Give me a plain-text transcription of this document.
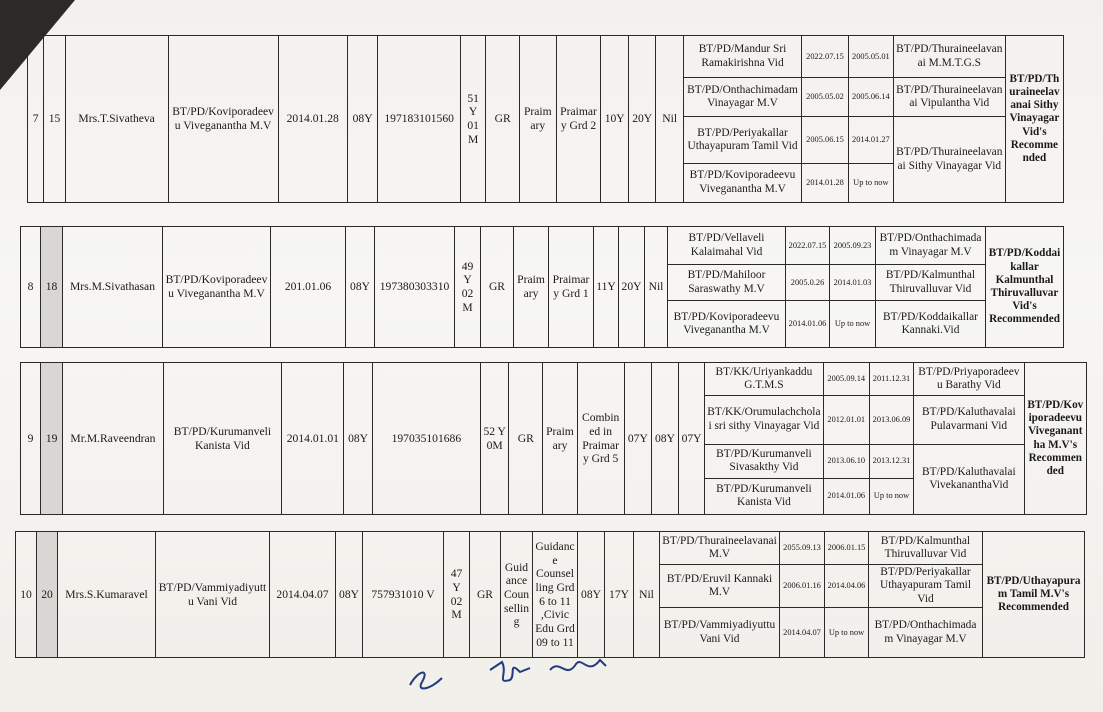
7	15	Mrs.T.Sivatheva	BT/PD/Koviporadeevu Viveganantha M.V	2014.01.28	08Y	197183101560	51 Y 01 M	GR	Praimary	Praimary Grd 2	10Y	20Y	Nil	BT/PD/Mandur Sri Ramakirishna Vid	2022.07.15	2005.05.01	BT/PD/Thuraineelavanai M.M.T.G.S	BT/PD/Thuraineelavanai Sithy Vinayagar Vid's Recommended
														BT/PD/Onthachimadam Vinayagar M.V	2005.05.02	2005.06.14	BT/PD/Thuraineelavanai Vipulantha Vid	
														BT/PD/Periyakallar Uthayapuram Tamil Vid	2005.06.15	2014.01.27	BT/PD/Thuraineelavanai Sithy Vinayagar Vid	
														BT/PD/Koviporadeevu Viveganantha M.V	2014.01.28	Up to now		
8	18	Mrs.M.Sivathasan	BT/PD/Koviporadeevu Viveganantha M.V	201.01.06	08Y	197380303310	49 Y 02 M	GR	Praimary	Praimary Grd 1	11Y	20Y	Nil	BT/PD/Vellaveli Kalaimahal Vid	2022.07.15	2005.09.23	BT/PD/Onthachimadam Vinayagar M.V	BT/PD/Koddaikallar Kalmunthal Thiruvalluvar Vid's Recommended
														BT/PD/Mahiloor Saraswathy M.V	2005.0.26	2014.01.03	BT/PD/Kalmunthal Thiruvalluvar Vid	
														BT/PD/Koviporadeevu Viveganantha M.V	2014.01.06	Up to now	BT/PD/Koddaikallar Kannaki.Vid	
9	19	Mr.M.Raveendran	BT/PD/Kurumanveli Kanista Vid	2014.01.01	08Y	197035101686	52 Y 0M	GR	Praimary	Combined in Praimary Grd 5	07Y	08Y	07Y	BT/KK/Uriyankaddu G.T.M.S	2005.09.14	2011.12.31	BT/PD/Priyaporadeevu Barathy Vid	BT/PD/Koviporadeevu Viveganantha M.V's Recommended
														BT/KK/Orumulachcholai sri sithy Vinayagar Vid	2012.01.01	2013.06.09	BT/PD/Kaluthavalai Pulavarmani Vid	
														BT/PD/Kurumanveli Sivasakthy Vid	2013.06.10	2013.12.31	BT/PD/Kaluthavalai VivekananthaVid	
														BT/PD/Kurumanveli Kanista Vid	2014.01.06	Up to now		
10	20	Mrs.S.Kumaravel	BT/PD/Vammiyadiyuttu Vani Vid	2014.04.07	08Y	757931010 V	47 Y 02 M	GR	Guidance Counselling	Guidance Counselling Grd 6 to 11 ,Civic Edu Grd 09 to 11	08Y	17Y	Nil	BT/PD/Thuraineelavanai M.V	2055.09.13	2006.01.15	BT/PD/Kalmunthal Thiruvalluvar Vid	BT/PD/Uthayapuram Tamil M.V's Recommended
														BT/PD/Eruvil Kannaki M.V	2006.01.16	2014.04.06	BT/PD/Periyakallar Uthayapuram Tamil Vid	
														BT/PD/Vammiyadiyuttu Vani Vid	2014.04.07	Up to now	BT/PD/Onthachimadam Vinayagar M.V	
